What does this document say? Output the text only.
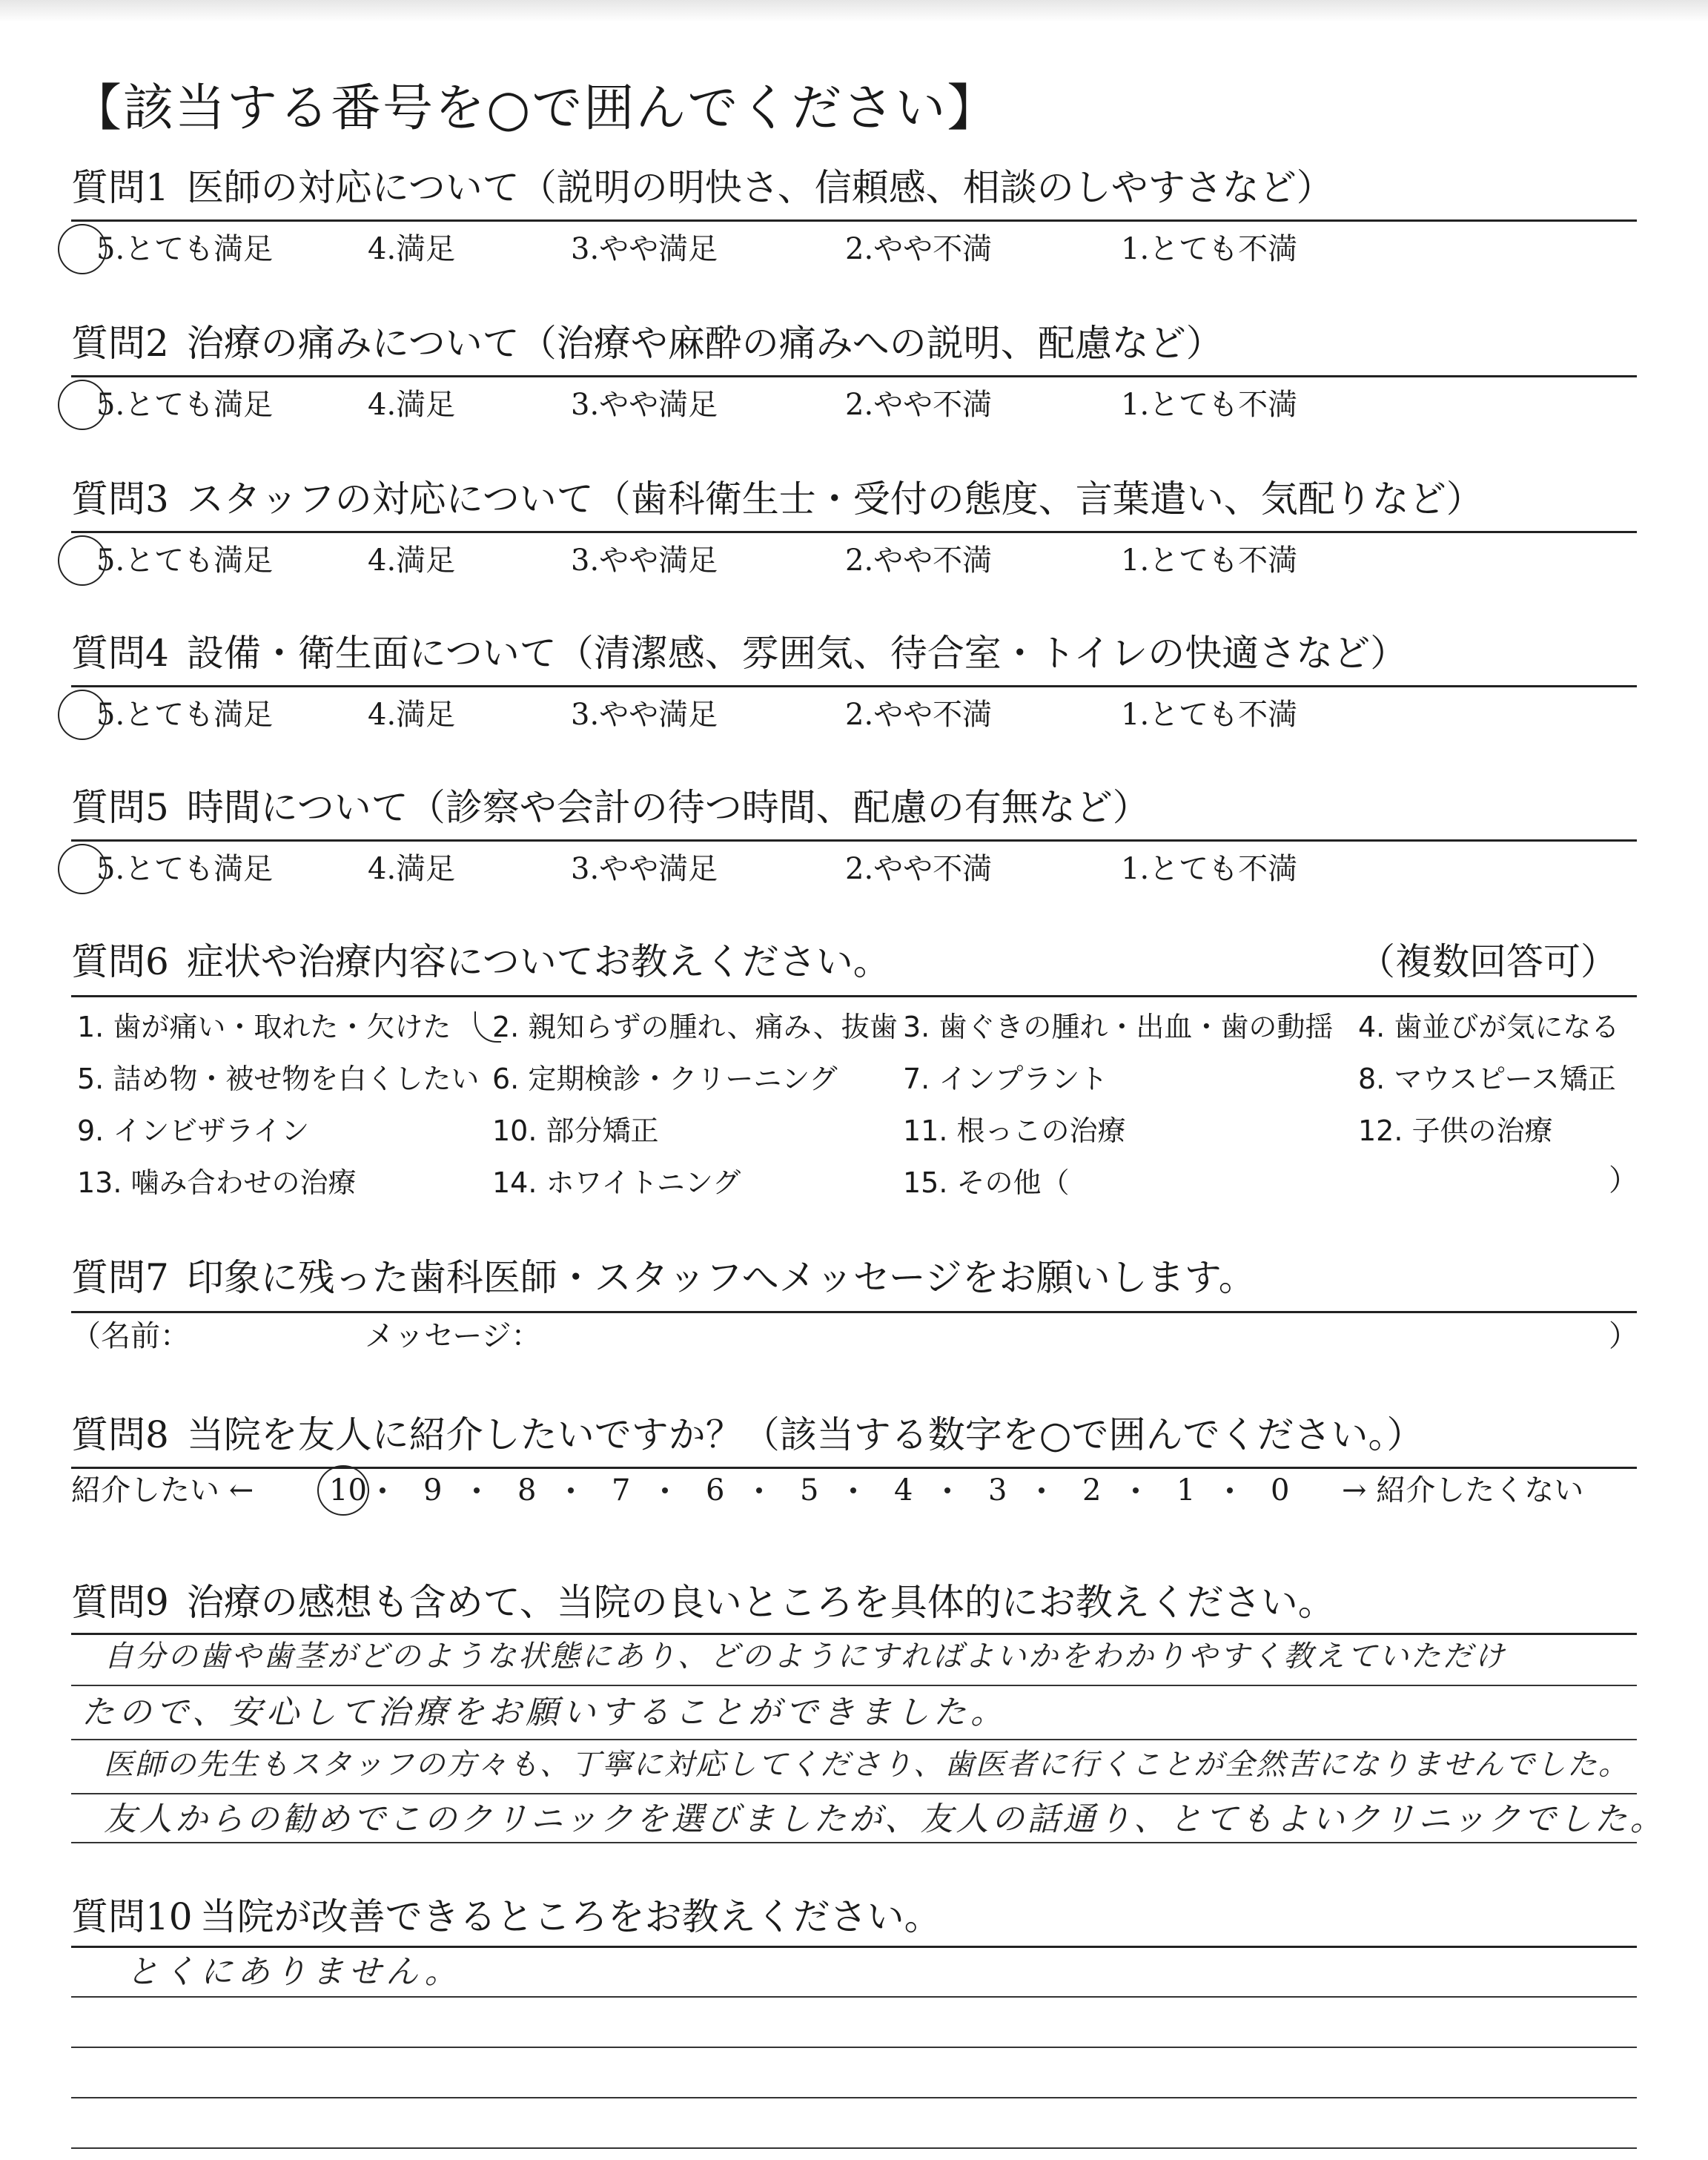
【該当する番号を○で囲んでください】
質問1 医師の対応について（説明の明快さ、信頼感、相談のしやすさなど）
5.とても満足	4.満足	3.やや満足	2.やや不満	1.とても不満
質問2 治療の痛みについて（治療や麻酔の痛みへの説明、配慮など）
5.とても満足	4.満足	3.やや満足	2.やや不満	1.とても不満
質問3 スタッフの対応について（歯科衛生士・受付の態度、言葉遣い、気配りなど）
5.とても満足	4.満足	3.やや満足	2.やや不満	1.とても不満
質問4 設備・衛生面について（清潔感、雰囲気、待合室・トイレの快適さなど）
5.とても満足	4.満足	3.やや満足	2.やや不満	1.とても不満
質問5 時間について（診察や会計の待つ時間、配慮の有無など）
5.とても満足	4.満足	3.やや満足	2.やや不満	1.とても不満
質問6 症状や治療内容についてお教えください。	（複数回答可）
1. 歯が痛い・取れた・欠けた 2. 親知らずの腫れ、痛み、抜歯 3. 歯ぐきの腫れ・出血・歯の動揺 4. 歯並びが気になる
5. 詰め物・被せ物を白くしたい 6. 定期検診・クリーニング 7. インプラント	8. マウスピース矯正
9. インビザライン	10. 部分矯正	11. 根っこの治療	12. 子供の治療
13. 噛み合わせの治療	14. ホワイトニング	15. その他（	）
質問7 印象に残った歯科医師・スタッフへメッセージをお願いします。
（名前：	メッセージ：	）
質問8 当院を友人に紹介したいですか？（該当する数字を○で囲んでください。）
紹介したい ←	10 9	8	7	6	5	4	3	2	1	0 → 紹介したくない
質問9 治療の感想も含めて、当院の良いところを具体的にお教えください。
自分の歯や歯茎がどのような状態にあり、どのようにすればよいかをわかりやすく教えていただけ
たので、安心して治療をお願いすることができました。
医師の先生もスタッフの方々も、丁寧に対応してくださり、歯医者に行くことが全然苦になりませんでした。
友人からの勧めでこのクリニックを選びましたが、友人の話通り、とてもよいクリニックでした。
質問10 当院が改善できるところをお教えください。
とくにありません。
